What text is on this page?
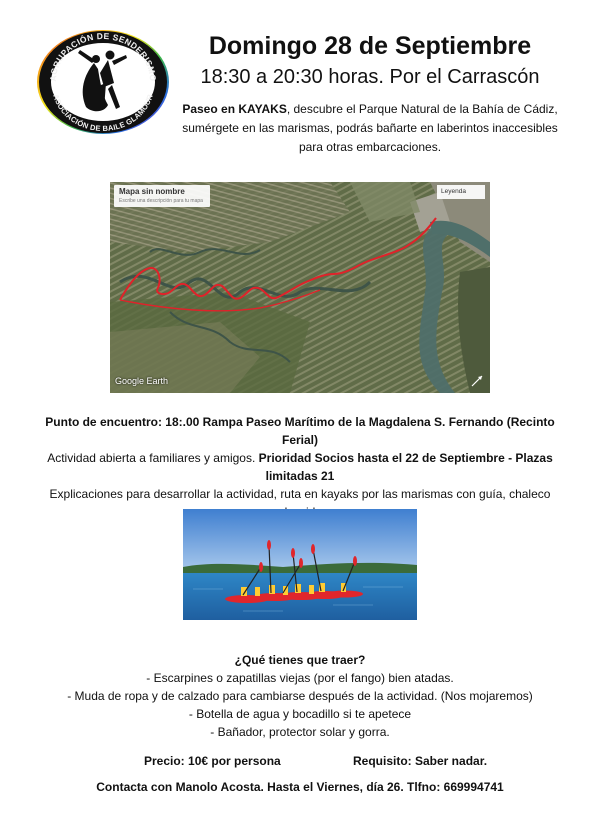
AGRUPACIÓN DE SENDERISMO
ASOCIACIÓN DE BAILE GLAMOUR
Domingo 28 de Septiembre
18:30 a 20:30 horas. Por el Carrascón
Paseo en KAYAKS, descubre el Parque Natural de la Bahía de Cádiz, sumérgete en las marismas, podrás bañarte en laberintos inaccesibles para otras embarcaciones.
Mapa sin nombre
Escribe una descripción para tu mapa
Leyenda
Google Earth
Punto de encuentro: 18:.00 Rampa Paseo Marítimo de la Magdalena S. Fernando (Recinto Ferial)
Actividad abierta a familiares y amigos. Prioridad Socios hasta el 22 de Septiembre - Plazas limitadas 21
Explicaciones para desarrollar la actividad, ruta en kayaks por las marismas con guía, chaleco
¿Qué tienes que traer?
- Escarpines o zapatillas viejas (por el fango) bien atadas.
- Muda de ropa y de calzado para cambiarse después de la actividad. (Nos mojaremos)
- Botella de agua y bocadillo si te apetece
- Bañador, protector solar y gorra.
Precio: 10€ por persona	Requisito: Saber nadar.
Contacta con Manolo Acosta. Hasta el Viernes, día 26. Tlfno: 669994741
